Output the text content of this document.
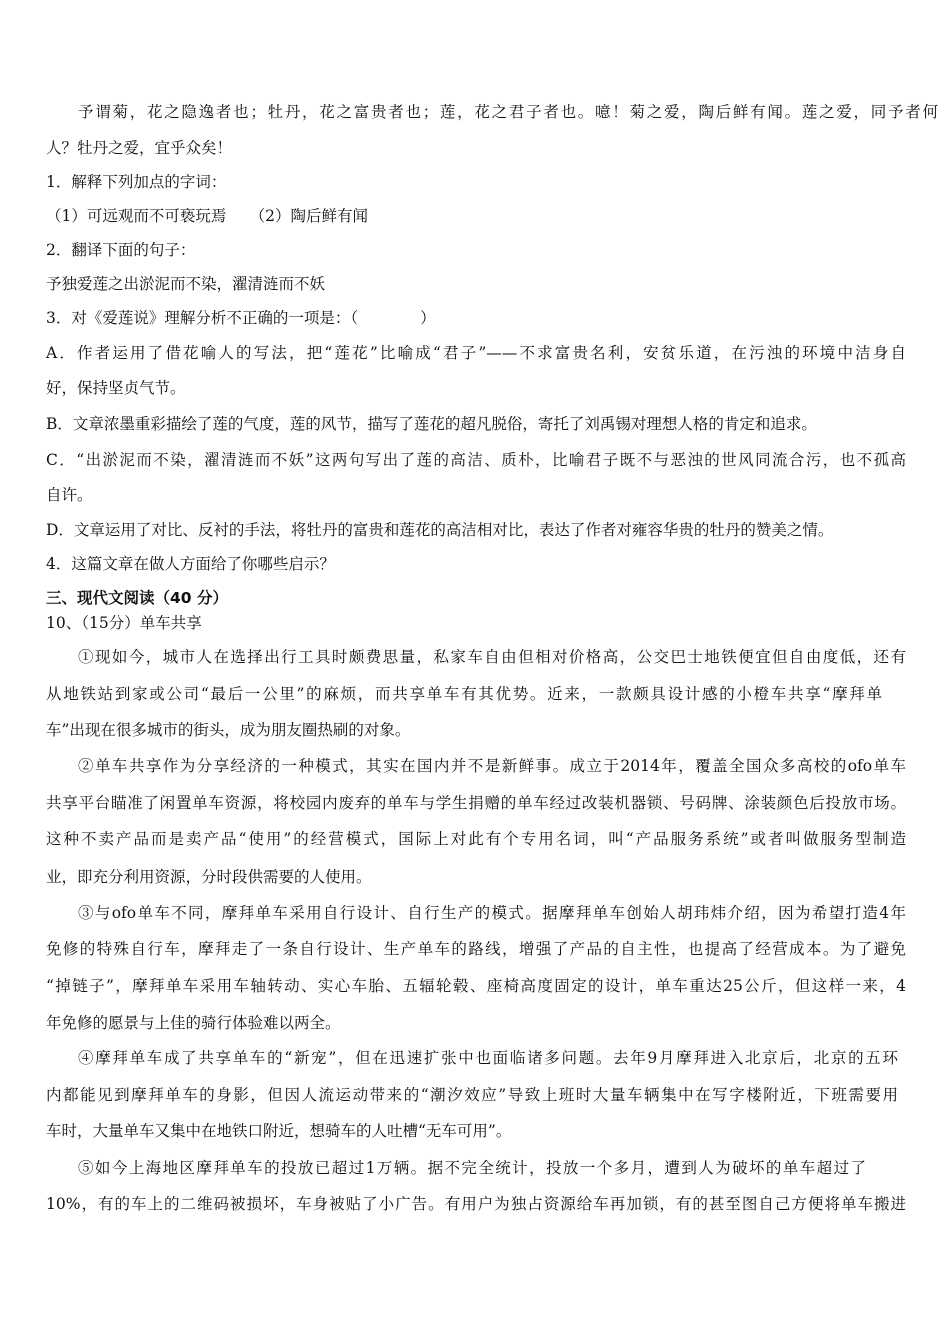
予谓菊，花之隐逸者也；牡丹，花之富贵者也；莲，花之君子者也。噫！菊之爱，陶后鲜有闻。莲之爱，同予者何
人？牡丹之爱，宜乎众矣！
1．解释下列加点的字词：
（1）可远观而不可亵玩焉　　（2）陶后鲜有闻
2．翻译下面的句子：
予独爱莲之出淤泥而不染，濯清涟而不妖
3．对《爱莲说》理解分析不正确的一项是：（　　　　）
A．作者运用了借花喻人的写法，把“莲花”比喻成“君子”——不求富贵名利，安贫乐道，在污浊的环境中洁身自
好，保持坚贞气节。
B．文章浓墨重彩描绘了莲的气度，莲的风节，描写了莲花的超凡脱俗，寄托了刘禹锡对理想人格的肯定和追求。
C．“出淤泥而不染，濯清涟而不妖”这两句写出了莲的高洁、质朴，比喻君子既不与恶浊的世风同流合污，也不孤高
自许。
D．文章运用了对比、反衬的手法，将牡丹的富贵和莲花的高洁相对比，表达了作者对雍容华贵的牡丹的赞美之情。
4．这篇文章在做人方面给了你哪些启示？
三、现代文阅读（40 分）
10、（15分）单车共享
①现如今，城市人在选择出行工具时颇费思量，私家车自由但相对价格高，公交巴士地铁便宜但自由度低，还有
从地铁站到家或公司“最后一公里”的麻烦，而共享单车有其优势。近来，一款颇具设计感的小橙车共享“摩拜单
车”出现在很多城市的街头，成为朋友圈热刷的对象。
②单车共享作为分享经济的一种模式，其实在国内并不是新鲜事。成立于2014年，覆盖全国众多高校的ofo单车
共享平台瞄准了闲置单车资源，将校园内废弃的单车与学生捐赠的单车经过改装机器锁、号码牌、涂装颜色后投放市场。
这种不卖产品而是卖产品“使用”的经营模式，国际上对此有个专用名词，叫“产品服务系统”或者叫做服务型制造
业，即充分利用资源，分时段供需要的人使用。
③与ofo单车不同，摩拜单车采用自行设计、自行生产的模式。据摩拜单车创始人胡玮炜介绍，因为希望打造4年
免修的特殊自行车，摩拜走了一条自行设计、生产单车的路线，增强了产品的自主性，也提高了经营成本。为了避免
“掉链子”，摩拜单车采用车轴转动、实心车胎、五辐轮毂、座椅高度固定的设计，单车重达25公斤，但这样一来，4
年免修的愿景与上佳的骑行体验难以两全。
④摩拜单车成了共享单车的“新宠”，但在迅速扩张中也面临诸多问题。去年9月摩拜进入北京后，北京的五环
内都能见到摩拜单车的身影，但因人流运动带来的“潮汐效应”导致上班时大量车辆集中在写字楼附近，下班需要用
车时，大量单车又集中在地铁口附近，想骑车的人吐槽“无车可用”。
⑤如今上海地区摩拜单车的投放已超过1万辆。据不完全统计，投放一个多月，遭到人为破坏的单车超过了
10%，有的车上的二维码被损坏，车身被贴了小广告。有用户为独占资源给车再加锁，有的甚至图自己方便将单车搬进
